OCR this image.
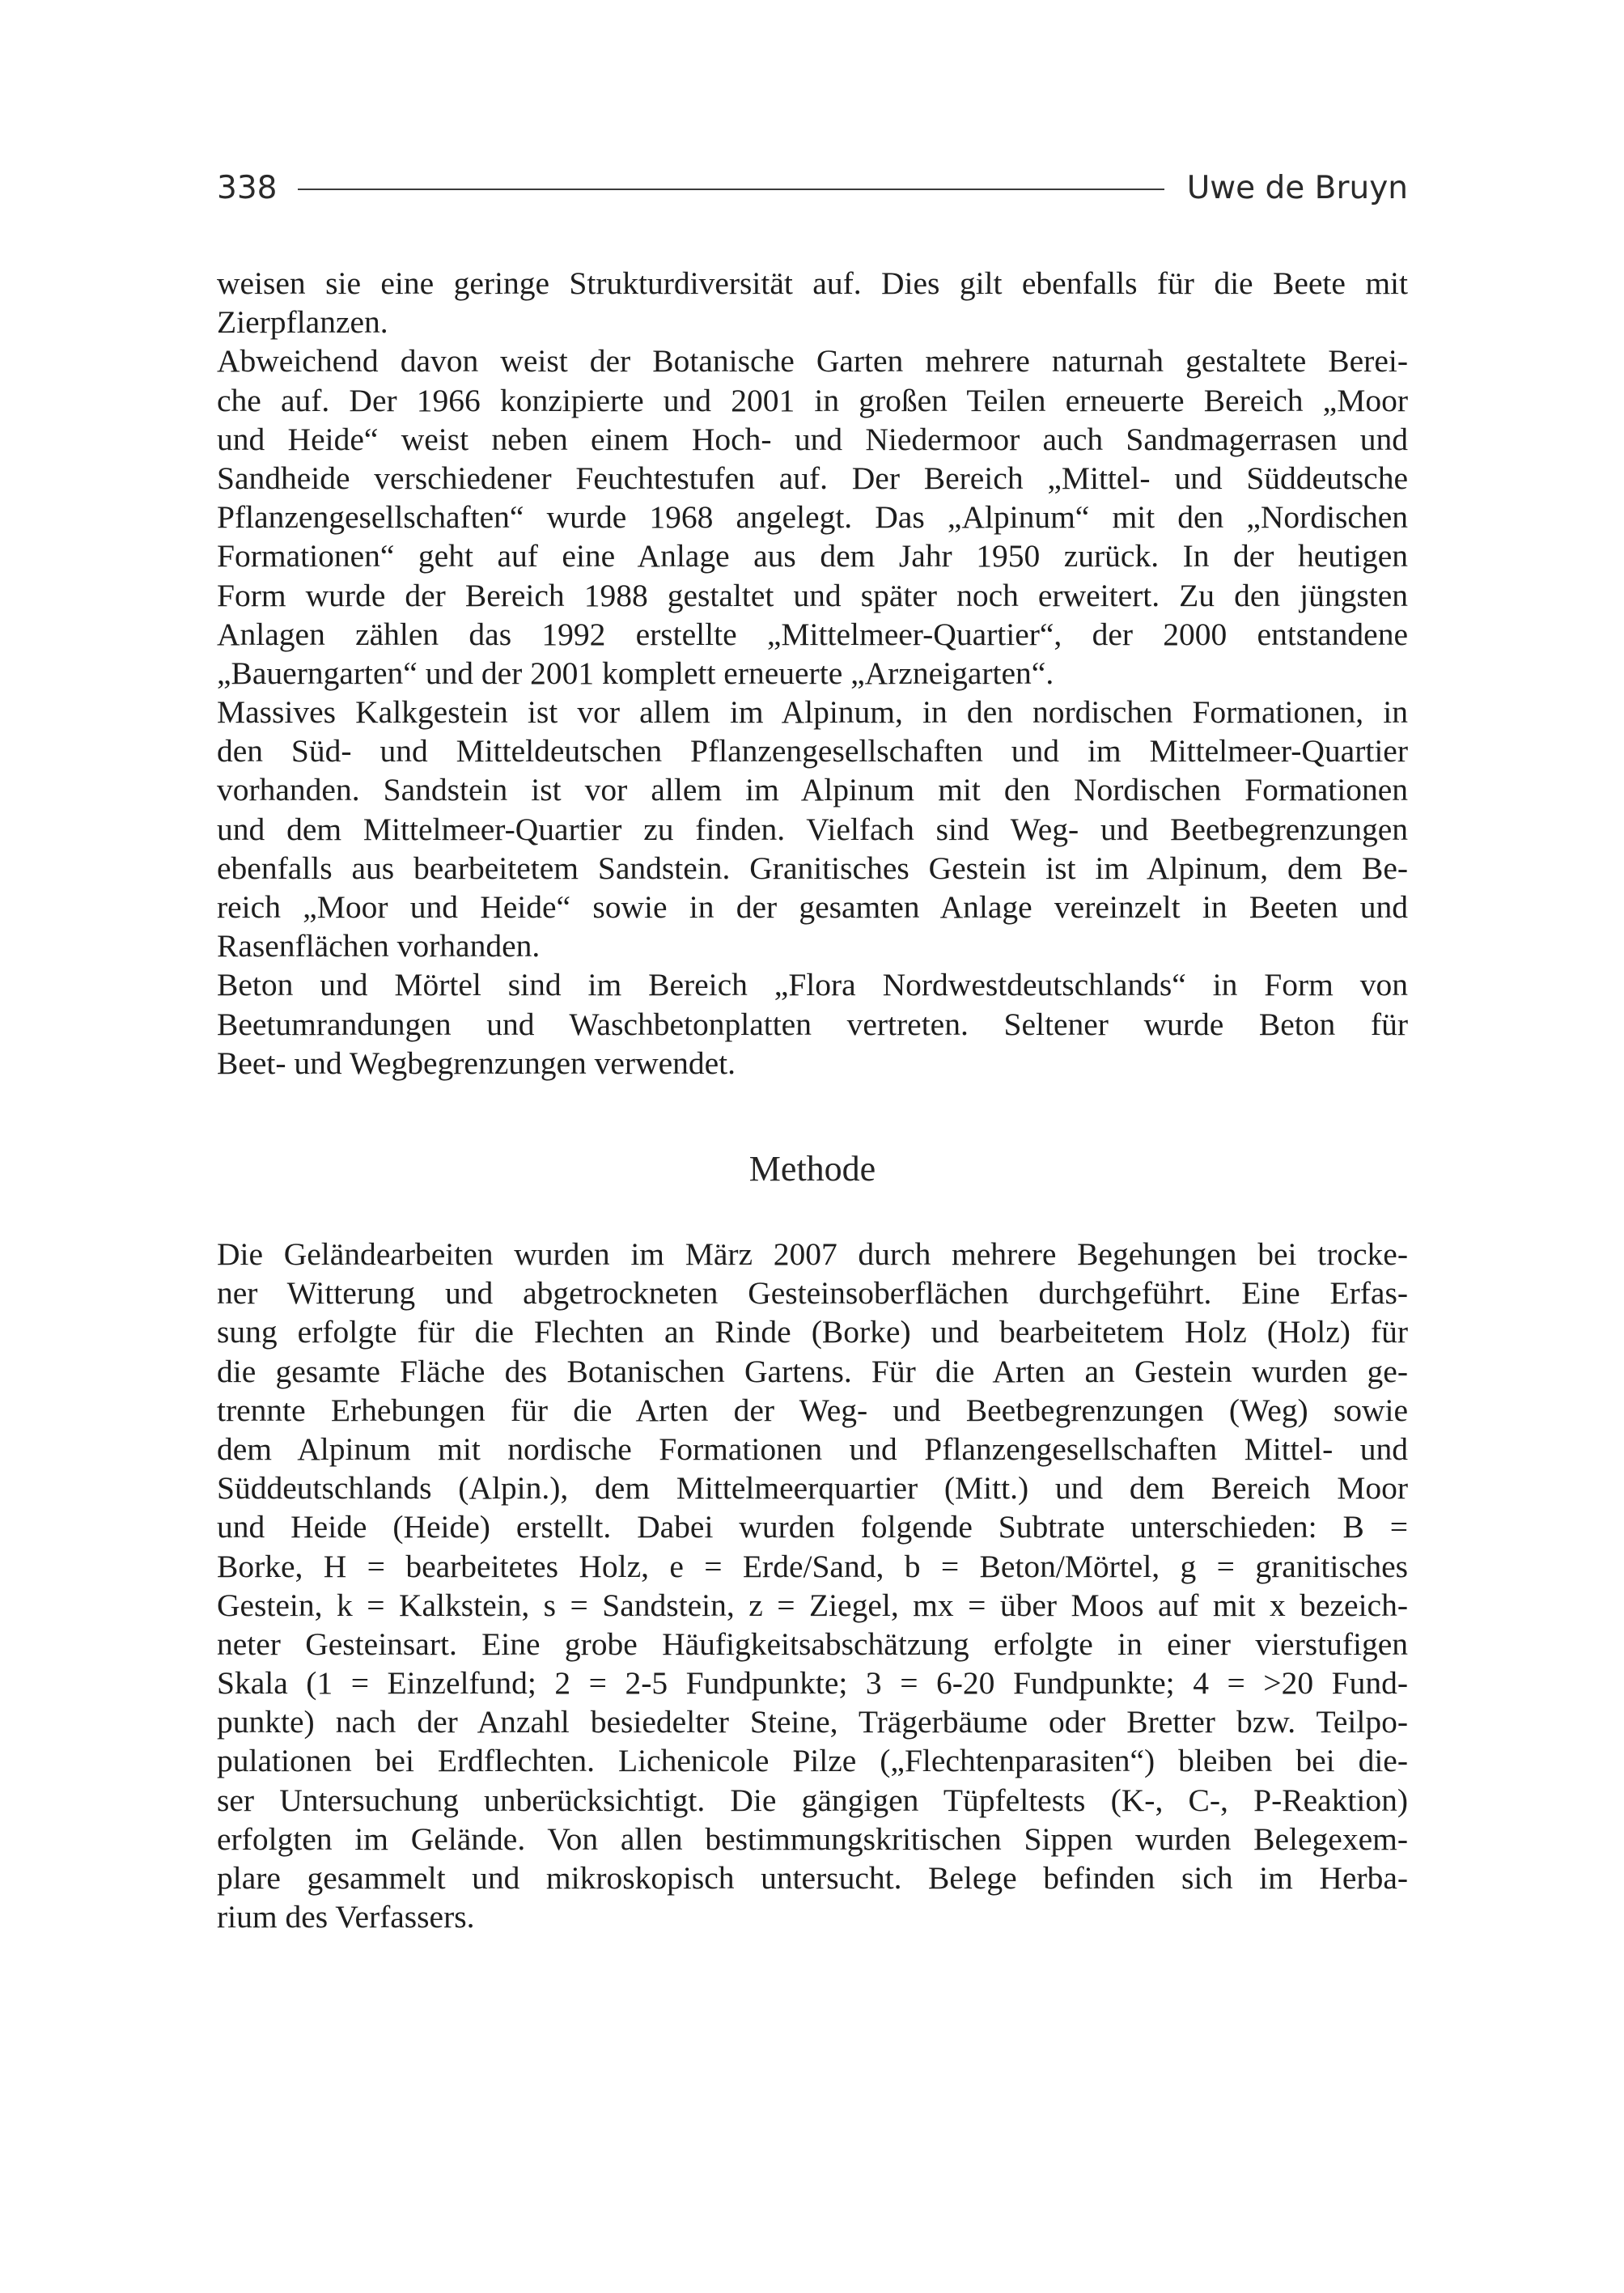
338	Uwe de Bruyn

weisen sie eine geringe Strukturdiversität auf. Dies gilt ebenfalls für die Beete mit
Zierpflanzen.

Abweichend davon weist der Botanische Garten mehrere naturnah gestaltete Berei-
che auf. Der 1966 konzipierte und 2001 in großen Teilen erneuerte Bereich „Moor
und Heide“ weist neben einem Hoch- und Niedermoor auch Sandmagerrasen und
Sandheide verschiedener Feuchtestufen auf. Der Bereich „Mittel- und Süddeutsche
Pflanzengesellschaften“ wurde 1968 angelegt. Das „Alpinum“ mit den „Nordischen
Formationen“ geht auf eine Anlage aus dem Jahr 1950 zurück. In der heutigen
Form wurde der Bereich 1988 gestaltet und später noch erweitert. Zu den jüngsten
Anlagen zählen das 1992 erstellte „Mittelmeer-Quartier“, der 2000 entstandene
„Bauerngarten“ und der 2001 komplett erneuerte „Arzneigarten“.

Massives Kalkgestein ist vor allem im Alpinum, in den nordischen Formationen, in
den Süd- und Mitteldeutschen Pflanzengesellschaften und im Mittelmeer-Quartier
vorhanden. Sandstein ist vor allem im Alpinum mit den Nordischen Formationen
und dem Mittelmeer-Quartier zu finden. Vielfach sind Weg- und Beetbegrenzungen
ebenfalls aus bearbeitetem Sandstein. Granitisches Gestein ist im Alpinum, dem Be-
reich „Moor und Heide“ sowie in der gesamten Anlage vereinzelt in Beeten und
Rasenflächen vorhanden.

Beton und Mörtel sind im Bereich „Flora Nordwestdeutschlands“ in Form von
Beetumrandungen und Waschbetonplatten vertreten. Seltener wurde Beton für
Beet- und Wegbegrenzungen verwendet.

Methode

Die Geländearbeiten wurden im März 2007 durch mehrere Begehungen bei trocke-
ner Witterung und abgetrockneten Gesteinsoberflächen durchgeführt. Eine Erfas-
sung erfolgte für die Flechten an Rinde (Borke) und bearbeitetem Holz (Holz) für
die gesamte Fläche des Botanischen Gartens. Für die Arten an Gestein wurden ge-
trennte Erhebungen für die Arten der Weg- und Beetbegrenzungen (Weg) sowie
dem Alpinum mit nordische Formationen und Pflanzengesellschaften Mittel- und
Süddeutschlands (Alpin.), dem Mittelmeerquartier (Mitt.) und dem Bereich Moor
und Heide (Heide) erstellt. Dabei wurden folgende Subtrate unterschieden: B =
Borke, H = bearbeitetes Holz, e = Erde/Sand, b = Beton/Mörtel, g = granitisches
Gestein, k = Kalkstein, s = Sandstein, z = Ziegel, mx = über Moos auf mit x bezeich-
neter Gesteinsart. Eine grobe Häufigkeitsabschätzung erfolgte in einer vierstufigen
Skala (1 = Einzelfund; 2 = 2-5 Fundpunkte; 3 = 6-20 Fundpunkte; 4 = >20 Fund-
punkte) nach der Anzahl besiedelter Steine, Trägerbäume oder Bretter bzw. Teilpo-
pulationen bei Erdflechten. Lichenicole Pilze („Flechtenparasiten“) bleiben bei die-
ser Untersuchung unberücksichtigt. Die gängigen Tüpfeltests (K-, C-, P-Reaktion)
erfolgten im Gelände. Von allen bestimmungskritischen Sippen wurden Belegexem-
plare gesammelt und mikroskopisch untersucht. Belege befinden sich im Herba-
rium des Verfassers.
